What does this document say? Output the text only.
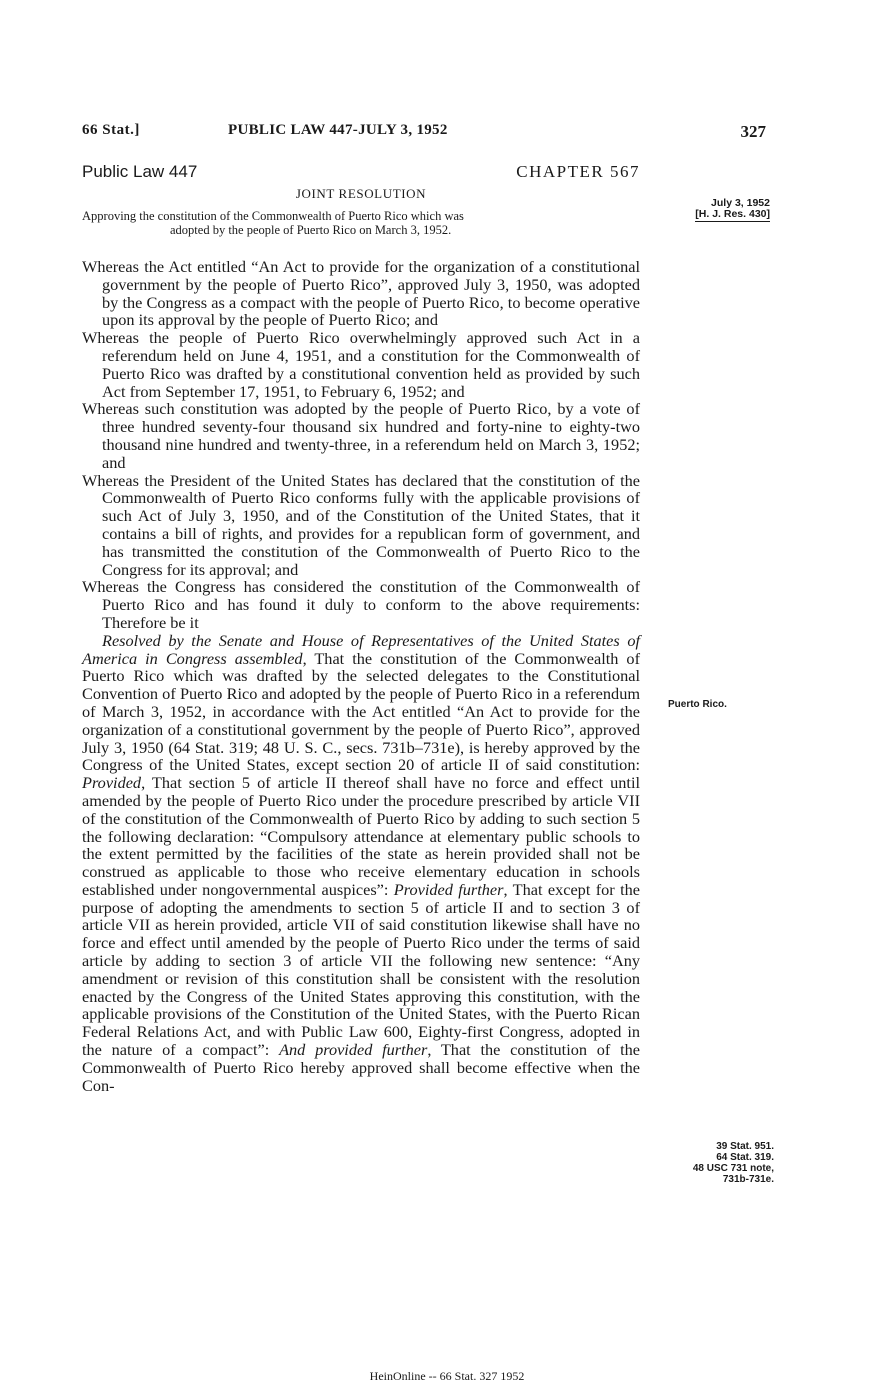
66 Stat.]	PUBLIC LAW 447-JULY 3, 1952	327
Public Law 447	CHAPTER 567
JOINT RESOLUTION
Approving the constitution of the Commonwealth of Puerto Rico which was
adopted by the people of Puerto Rico on March 3, 1952.
July 3, 1952
[H. J. Res. 430]

Whereas the Act entitled “An Act to provide for the organization of a constitutional government by the people of Puerto Rico”, approved July 3, 1950, was adopted by the Congress as a compact with the people of Puerto Rico, to become operative upon its approval by the people of Puerto Rico; and

Whereas the people of Puerto Rico overwhelmingly approved such Act in a referendum held on June 4, 1951, and a constitution for the Commonwealth of Puerto Rico was drafted by a constitutional convention held as provided by such Act from September 17, 1951, to February 6, 1952; and

Whereas such constitution was adopted by the people of Puerto Rico, by a vote of three hundred seventy-four thousand six hundred and forty-nine to eighty-two thousand nine hundred and twenty-three, in a referendum held on March 3, 1952; and

Whereas the President of the United States has declared that the constitution of the Commonwealth of Puerto Rico conforms fully with the applicable provisions of such Act of July 3, 1950, and of the Constitution of the United States, that it contains a bill of rights, and provides for a republican form of government, and has transmitted the constitution of the Commonwealth of Puerto Rico to the Congress for its approval; and

Whereas the Congress has considered the constitution of the Commonwealth of Puerto Rico and has found it duly to conform to the above requirements: Therefore be it

Resolved by the Senate and House of Representatives of the United States of America in Congress assembled, That the constitution of the Commonwealth of Puerto Rico which was drafted by the selected delegates to the Constitutional Convention of Puerto Rico and adopted by the people of Puerto Rico in a referendum of March 3, 1952, in accordance with the Act entitled “An Act to provide for the organization of a constitutional government by the people of Puerto Rico”, approved July 3, 1950 (64 Stat. 319; 48 U. S. C., secs. 731b–731e), is hereby approved by the Congress of the United States, except section 20 of article II of said constitution: Provided, That section 5 of article II thereof shall have no force and effect until amended by the people of Puerto Rico under the procedure prescribed by article VII of the constitution of the Commonwealth of Puerto Rico by adding to such section 5 the following declaration: “Compulsory attendance at elementary public schools to the extent permitted by the facilities of the state as herein provided shall not be construed as applicable to those who receive elementary education in schools established under nongovernmental auspices”: Provided further, That except for the purpose of adopting the amendments to section 5 of article II and to section 3 of article VII as herein provided, article VII of said constitution likewise shall have no force and effect until amended by the people of Puerto Rico under the terms of said article by adding to section 3 of article VII the following new sentence: “Any amendment or revision of this constitution shall be consistent with the resolution enacted by the Congress of the United States approving this constitution, with the applicable provisions of the Constitution of the United States, with the Puerto Rican Federal Relations Act, and with Public Law 600, Eighty-first Congress, adopted in the nature of a compact”: And provided further, That the constitution of the Commonwealth of Puerto Rico hereby approved shall become effective when the Con-

Puerto Rico.
39 Stat. 951.
64 Stat. 319.
48 USC 731 note,
731b-731e.
HeinOnline -- 66 Stat. 327 1952
